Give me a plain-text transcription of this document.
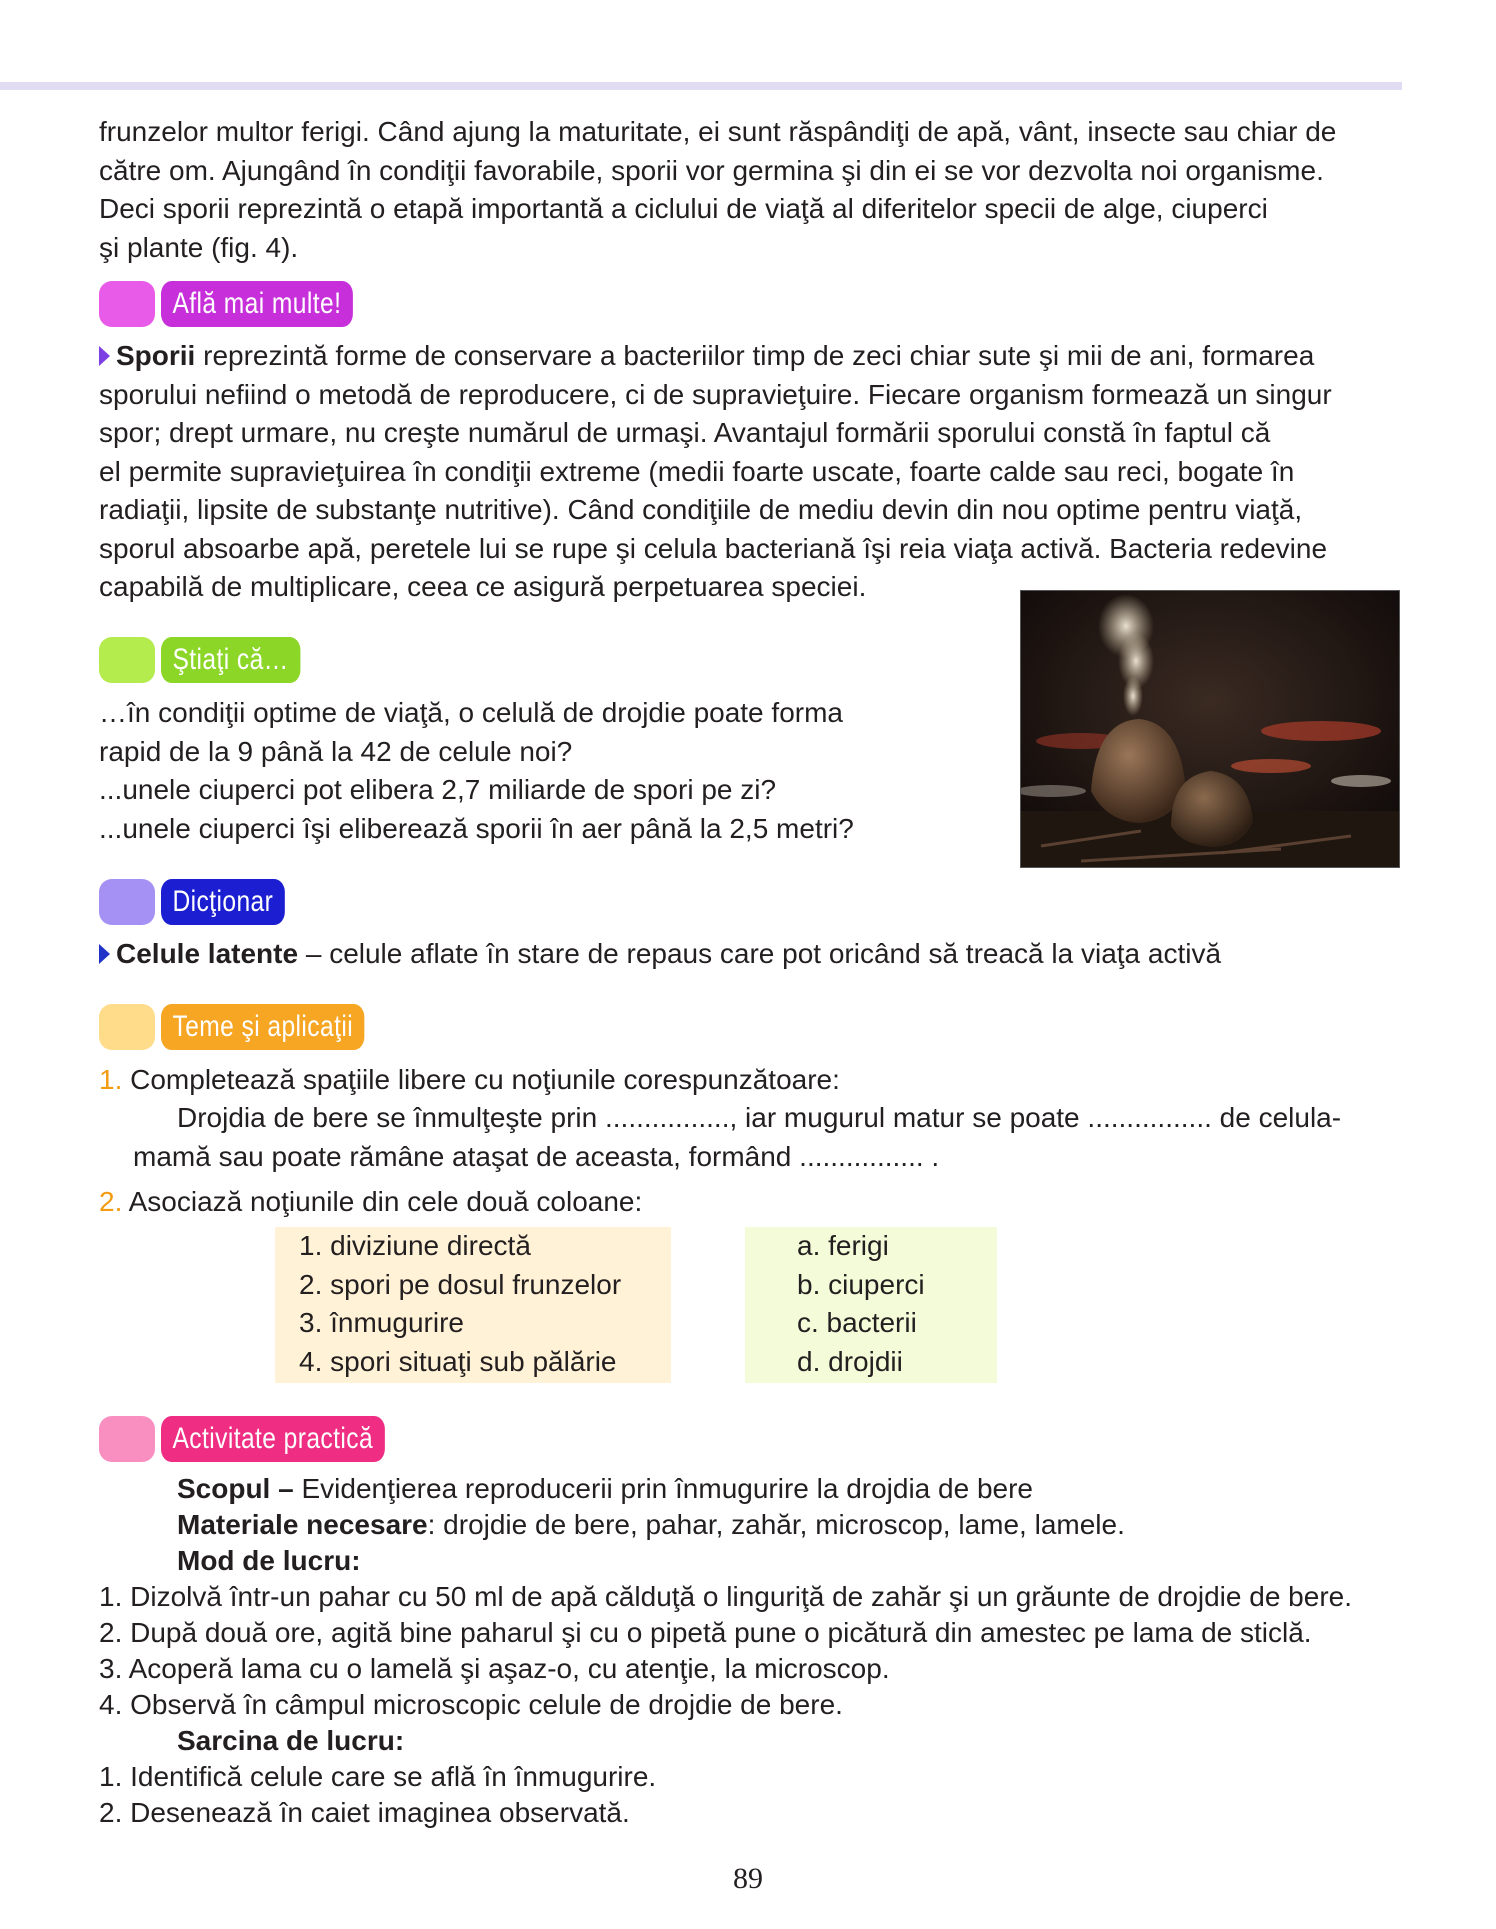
frunzelor multor ferigi. Când ajung la maturitate, ei sunt răspândiţi de apă, vânt, insecte sau chiar de

către om. Ajungând în condiţii favorabile, sporii vor germina şi din ei se vor dezvolta noi organisme.

Deci sporii reprezintă o etapă importantă a ciclului de viaţă al diferitelor specii de alge, ciuperci

şi plante (fig. 4).

Află mai multe!

Sporii reprezintă forme de conservare a bacteriilor timp de zeci chiar sute şi mii de ani, formarea

sporului nefiind o metodă de reproducere, ci de supravieţuire. Fiecare organism formează un singur

spor; drept urmare, nu creşte numărul de urmaşi. Avantajul formării sporului constă în faptul că

el permite supravieţuirea în condiţii extreme (medii foarte uscate, foarte calde sau reci, bogate în

radiaţii, lipsite de substanţe nutritive). Când condiţiile de mediu devin din nou optime pentru viaţă,

sporul absoarbe apă, peretele lui se rupe şi celula bacteriană îşi reia viaţa activă. Bacteria redevine

capabilă de multiplicare, ceea ce asigură perpetuarea speciei.

Ştiaţi că…

…în condiţii optime de viaţă, o celulă de drojdie poate forma

rapid de la 9 până la 42 de celule noi?

...unele ciuperci pot elibera 2,7 miliarde de spori pe zi?

...unele ciuperci îşi eliberează sporii în aer până la 2,5 metri?

Dicţionar

Celule latente – celule aflate în stare de repaus care pot oricând să treacă la viaţa activă

Teme şi aplicaţii

1. Completează spaţiile libere cu noţiunile corespunzătoare:

Drojdia de bere se înmulţeşte prin ................, iar mugurul matur se poate ................ de celula-

mamă sau poate rămâne ataşat de aceasta, formând ................ .

2. Asociază noţiunile din cele două coloane:

1. diviziune directă
2. spori pe dosul frunzelor
3. înmugurire
4. spori situaţi sub pălărie
a. ferigi
b. ciuperci
c. bacterii
d. drojdii
Activitate practică
Scopul – Evidenţierea reproducerii prin înmugurire la drojdia de bere
Materiale necesare: drojdie de bere, pahar, zahăr, microscop, lame, lamele.
Mod de lucru:
1. Dizolvă într-un pahar cu 50 ml de apă călduţă o linguriţă de zahăr şi un grăunte de drojdie de bere.
2. După două ore, agită bine paharul şi cu o pipetă pune o picătură din amestec pe lama de sticlă.
3. Acoperă lama cu o lamelă şi aşaz-o, cu atenţie, la microscop.
4. Observă în câmpul microscopic celule de drojdie de bere.
Sarcina de lucru:
1. Identifică celule care se află în înmugurire.
2. Desenează în caiet imaginea observată.
89
